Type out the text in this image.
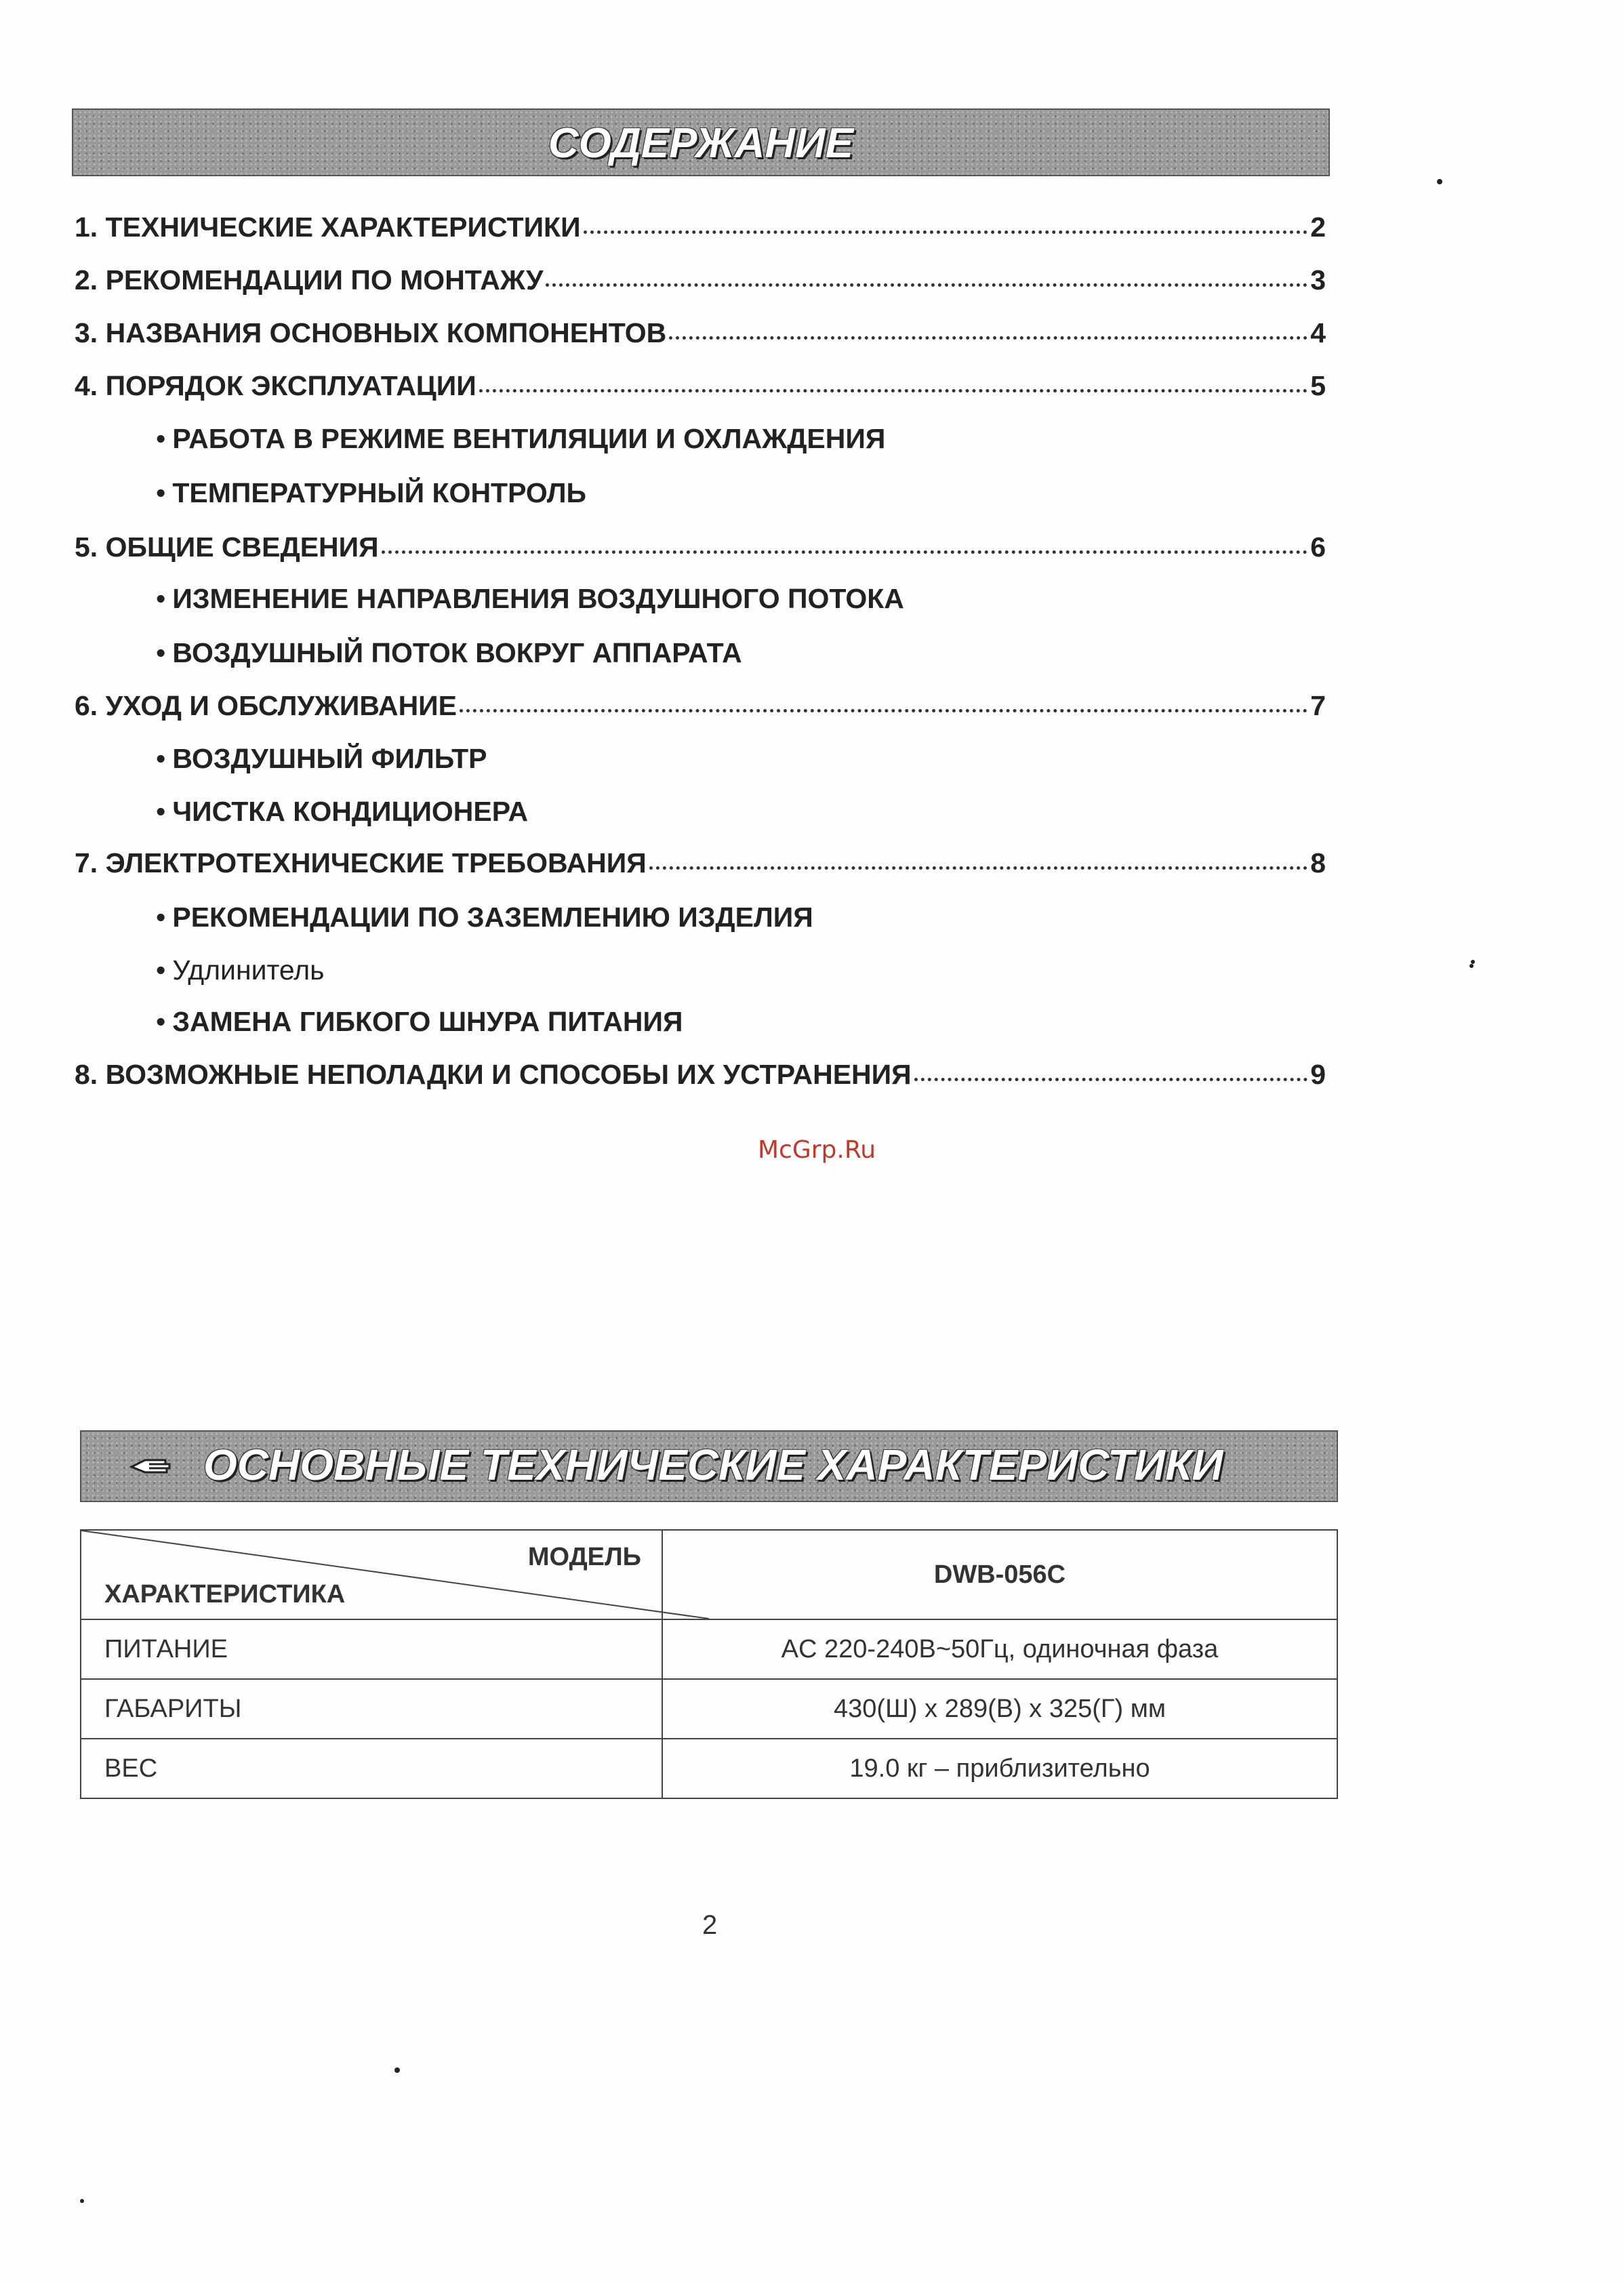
СОДЕРЖАНИЕ
1. ТЕХНИЧЕСКИЕ ХАРАКТЕРИСТИКИ	2
2. РЕКОМЕНДАЦИИ ПО МОНТАЖУ	3
3. НАЗВАНИЯ ОСНОВНЫХ КОМПОНЕНТОВ	4
4. ПОРЯДОК ЭКСПЛУАТАЦИИ	5
• РАБОТА В РЕЖИМЕ ВЕНТИЛЯЦИИ И ОХЛАЖДЕНИЯ
• ТЕМПЕРАТУРНЫЙ КОНТРОЛЬ
5. ОБЩИЕ СВЕДЕНИЯ	6
• ИЗМЕНЕНИЕ НАПРАВЛЕНИЯ ВОЗДУШНОГО ПОТОКА
• ВОЗДУШНЫЙ ПОТОК ВОКРУГ АППАРАТА
6. УХОД И ОБСЛУЖИВАНИЕ	7
• ВОЗДУШНЫЙ ФИЛЬТР
• ЧИСТКА КОНДИЦИОНЕРА
7. ЭЛЕКТРОТЕХНИЧЕСКИЕ ТРЕБОВАНИЯ	8
• РЕКОМЕНДАЦИИ ПО ЗАЗЕМЛЕНИЮ ИЗДЕЛИЯ
• Удлинитель
• ЗАМЕНА ГИБКОГО ШНУРА ПИТАНИЯ
8. ВОЗМОЖНЫЕ НЕПОЛАДКИ И СПОСОБЫ ИХ УСТРАНЕНИЯ	9
McGrp.Ru
ОСНОВНЫЕ ТЕХНИЧЕСКИЕ ХАРАКТЕРИСТИКИ
МОДЕЛЬ
ХАРАКТЕРИСТИКА	DWB-056C
ПИТАНИЕ	AC 220-240В~50Гц, одиночная фаза
ГАБАРИТЫ	430(Ш) x 289(В) x 325(Г) мм
ВЕС	19.0 кг – приблизительно
2
